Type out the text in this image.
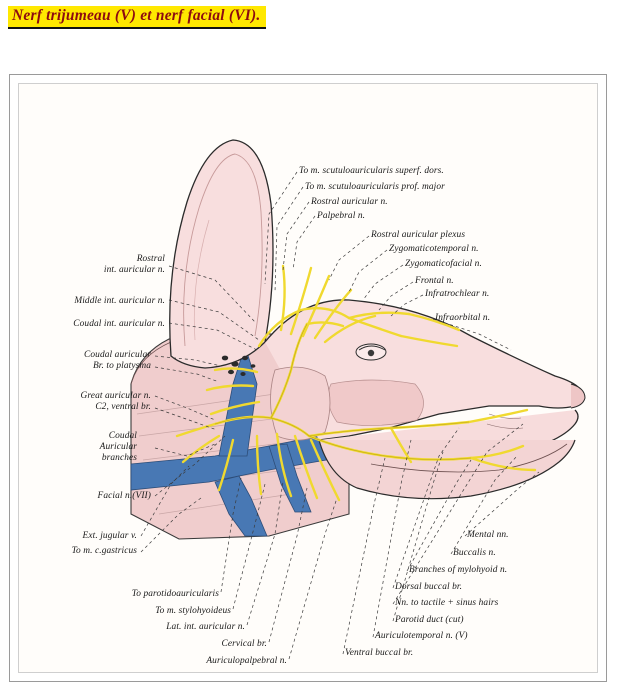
Nerf trijumeau (V) et nerf facial (VI).
Rostral
int. auricular n.
Middle int. auricular n.
Coudal int. auricular n.
Coudal auricular
Br. to platysma
Great auricular n.
C2, ventral br.
Coudal
Auricular
branches
Facial n.(VII)
Ext. jugular v.
To m. c.gastricus
To parotidoauricularis
To m. stylohyoideus
Lat. int. auricular n.
Cervical br.
Auriculopalpebral n.
To m. scutuloauricularis superf. dors.
To m. scutuloauricularis prof. major
Rostral auricular n.
Palpebral n.
Rostral auricular plexus
Zygomaticotemporal n.
Zygomaticofacial n.
Frontal n.
Infratrochlear n.
Infraorbital n.
Mental nn.
Buccalis n.
Branches of mylohyoid n.
Dorsal buccal br.
Nn. to tactile + sinus hairs
Parotid duct (cut)
Auriculotemporal n. (V)
Ventral buccal br.
